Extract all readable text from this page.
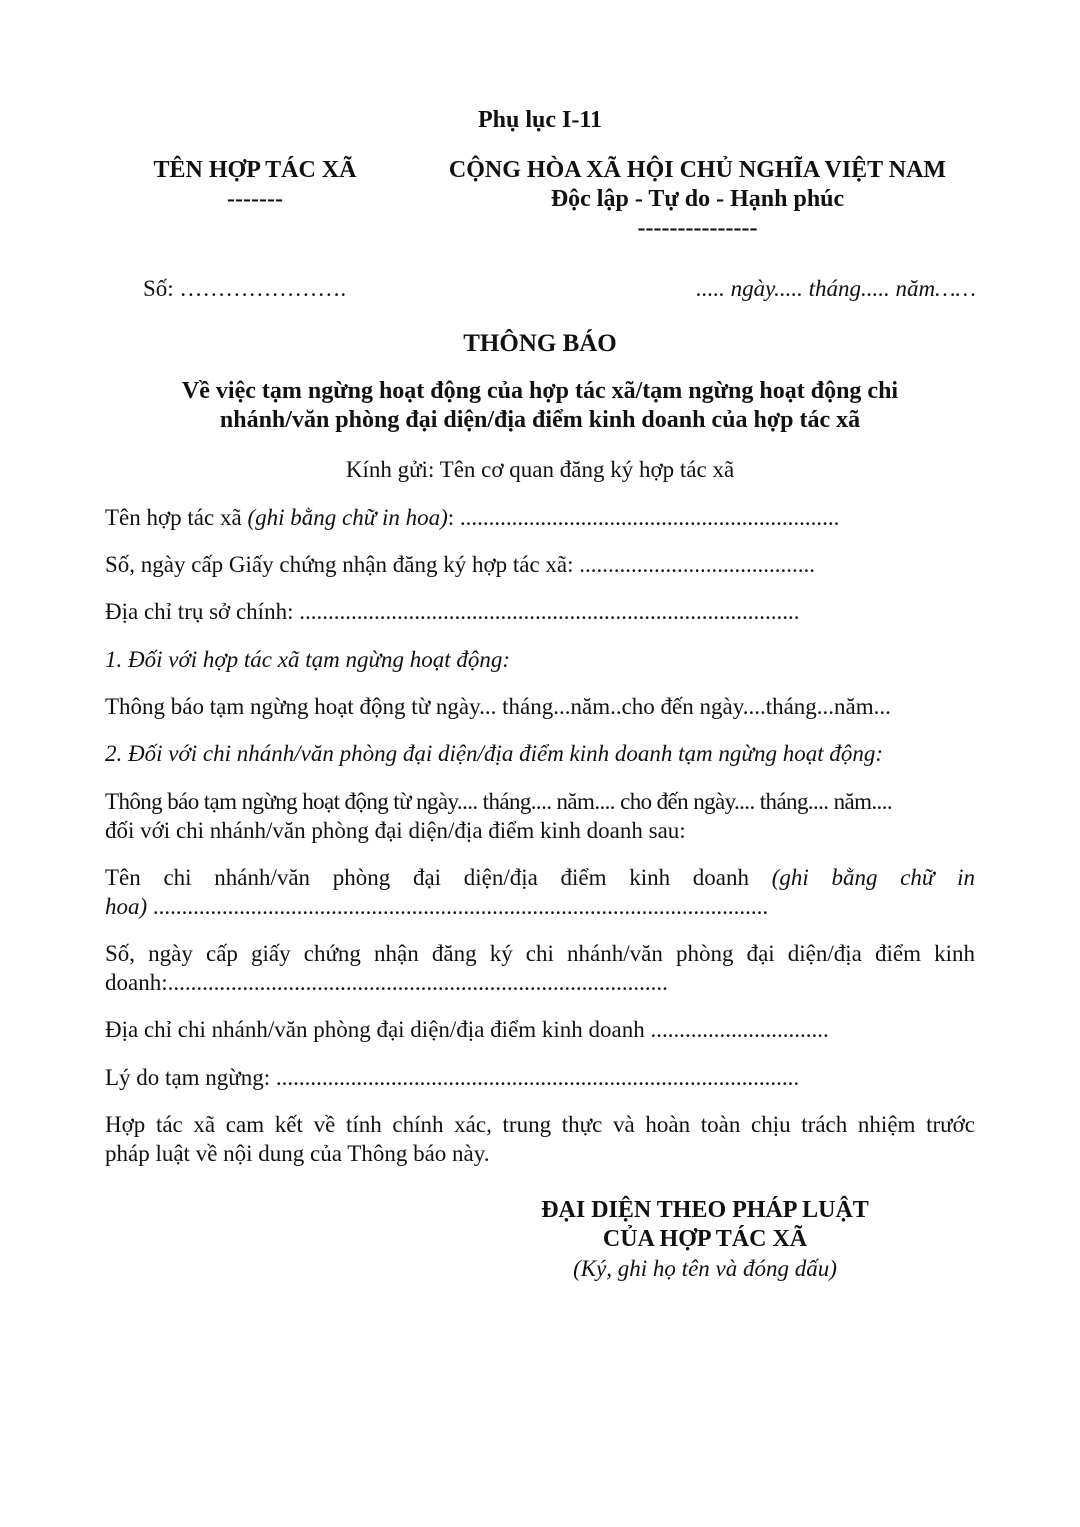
Phụ lục I-11
TÊN HỢP TÁC XÃ
-------
CỘNG HÒA XÃ HỘI CHỦ NGHĨA VIỆT NAM
Độc lập - Tự do - Hạnh phúc
---------------
Số: ………………….	..... ngày..... tháng..... năm……
THÔNG BÁO
Về việc tạm ngừng hoạt động của hợp tác xã/tạm ngừng hoạt động chi
nhánh/văn phòng đại diện/địa điểm kinh doanh của hợp tác xã
Kính gửi: Tên cơ quan đăng ký hợp tác xã
Tên hợp tác xã (ghi bằng chữ in hoa): ..................................................................
Số, ngày cấp Giấy chứng nhận đăng ký hợp tác xã: .........................................
Địa chỉ trụ sở chính: .......................................................................................
1. Đối với hợp tác xã tạm ngừng hoạt động:
Thông báo tạm ngừng hoạt động từ ngày... tháng...năm..cho đến ngày....tháng...năm...
2. Đối với chi nhánh/văn phòng đại diện/địa điểm kinh doanh tạm ngừng hoạt động:
Thông báo tạm ngừng hoạt động từ ngày.... tháng.... năm.... cho đến ngày.... tháng.... năm....
đối với chi nhánh/văn phòng đại diện/địa điểm kinh doanh sau:
Tên chi nhánh/văn phòng đại diện/địa điểm kinh doanh (ghi bằng chữ in
hoa) ...........................................................................................................
Số, ngày cấp giấy chứng nhận đăng ký chi nhánh/văn phòng đại diện/địa điểm kinh
doanh:.......................................................................................
Địa chỉ chi nhánh/văn phòng đại diện/địa điểm kinh doanh ...............................
Lý do tạm ngừng: ...........................................................................................
Hợp tác xã cam kết về tính chính xác, trung thực và hoàn toàn chịu trách nhiệm trước
pháp luật về nội dung của Thông báo này.
ĐẠI DIỆN THEO PHÁP LUẬT
CỦA HỢP TÁC XÃ
(Ký, ghi họ tên và đóng dấu)
